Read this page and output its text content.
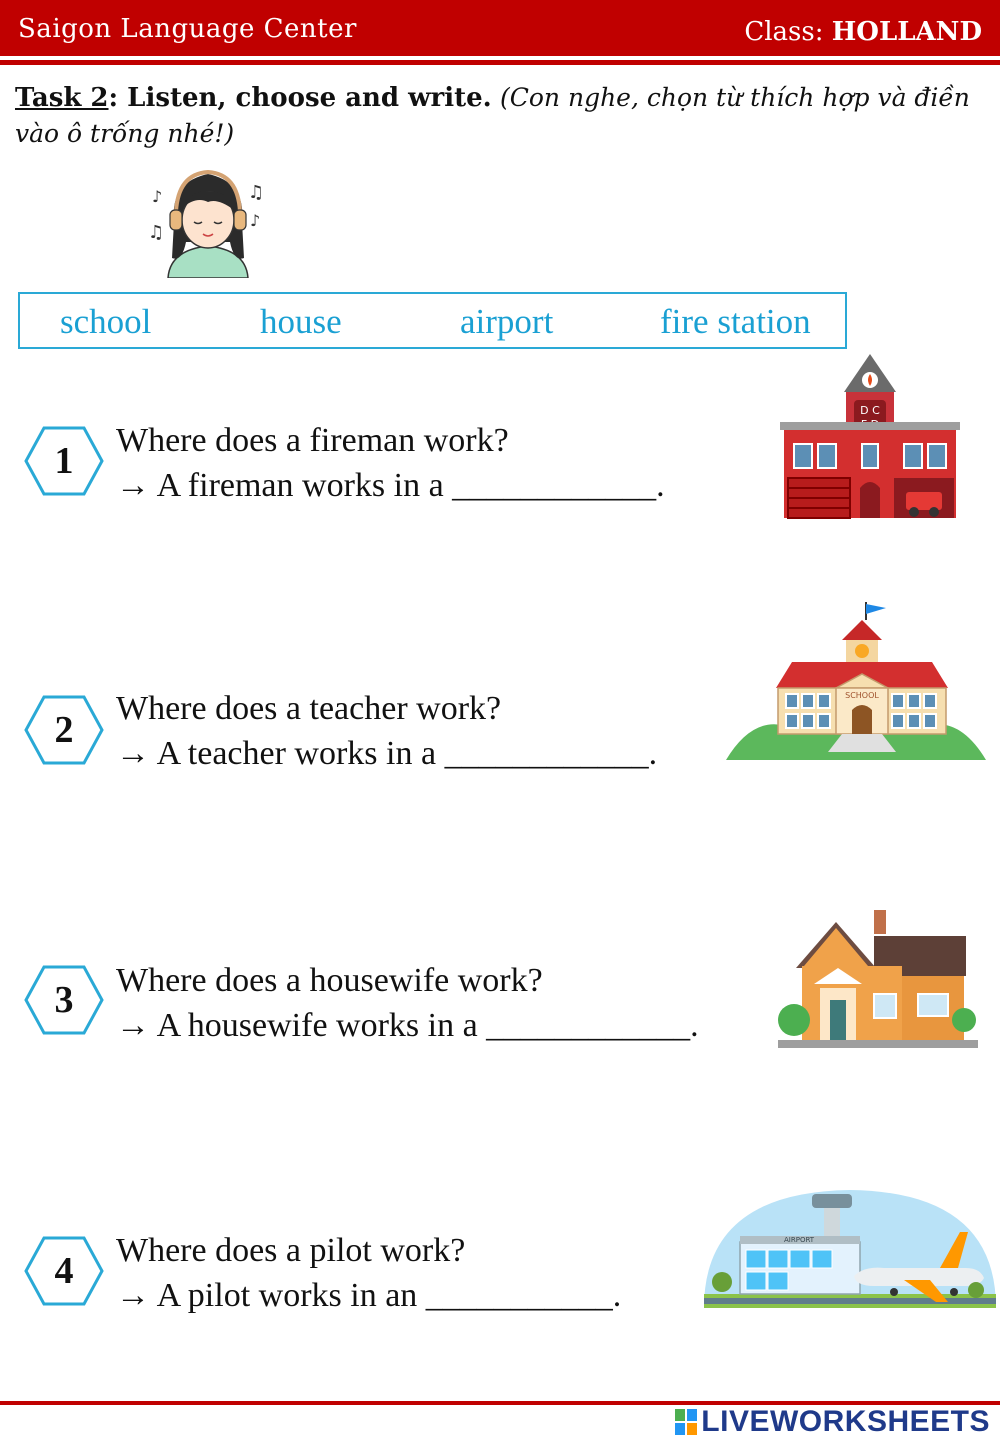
Saigon Language Center	Class: HOLLAND
Task 2: Listen, choose and write. (Con nghe, chọn từ thích hợp và điền vào ô trống nhé!)
♪
♫
♫
♪
school	house	airport	fire station
1	Where does a fireman work?
→ A fireman works in a ____________.
D C
2
Where does a teacher work?
→ A teacher works in a ____________.
SCHOOL
3	Where does a housewife work?
→ A housewife works in a ____________.
4	Where does a pilot work?
→ A pilot works in an ___________.
AIRPORT
LIVEWORKSHEETS
